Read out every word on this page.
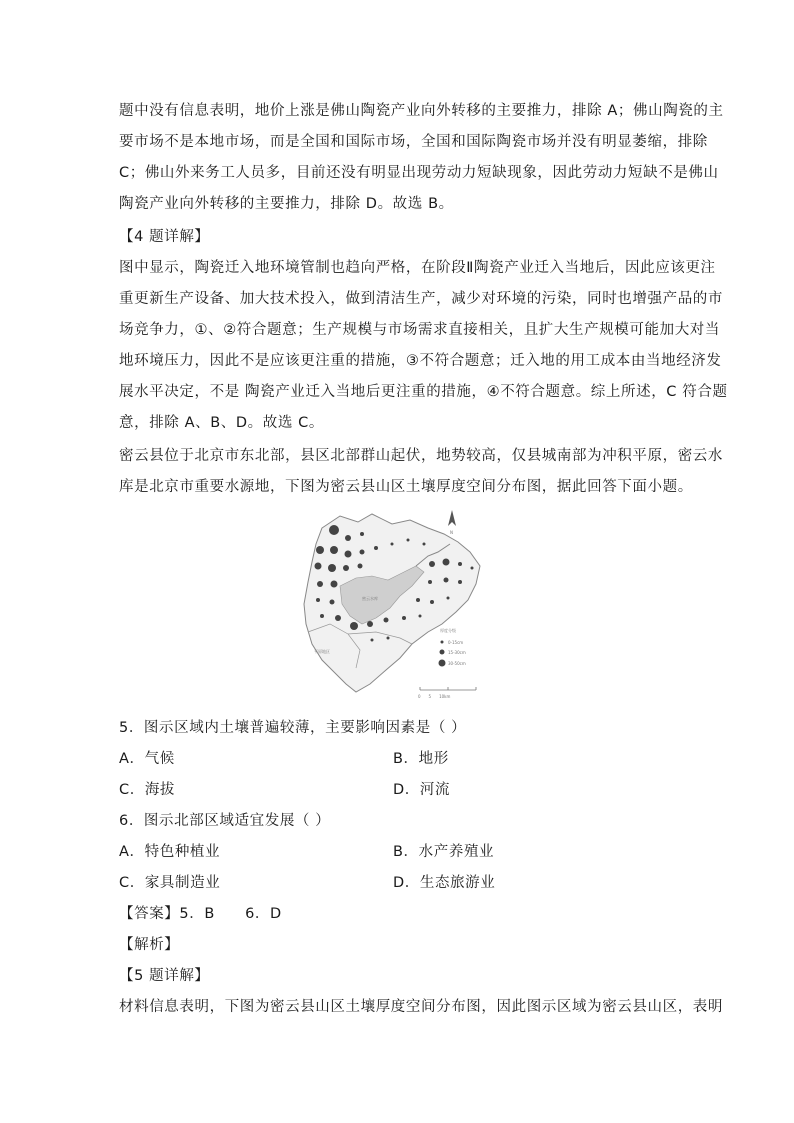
题中没有信息表明，地价上涨是佛山陶瓷产业向外转移的主要推力，排除 A；佛山陶瓷的主
要市场不是本地市场，而是全国和国际市场，全国和国际陶瓷市场并没有明显萎缩，排除
C；佛山外来务工人员多，目前还没有明显出现劳动力短缺现象，因此劳动力短缺不是佛山
陶瓷产业向外转移的主要推力，排除 D。故选 B。
【4 题详解】
图中显示，陶瓷迁入地环境管制也趋向严格，在阶段Ⅱ陶瓷产业迁入当地后，因此应该更注
重更新生产设备、加大技术投入，做到清洁生产，减少对环境的污染，同时也增强产品的市
场竞争力，①、②符合题意；生产规模与市场需求直接相关，且扩大生产规模可能加大对当
地环境压力，因此不是应该更注重的措施，③不符合题意；迁入地的用工成本由当地经济发
展水平决定，不是 陶瓷产业迁入当地后更注重的措施，④不符合题意。综上所述，C 符合题
意，排除 A、B、D。故选 C。
密云县位于北京市东北部，县区北部群山起伏，地势较高，仅县城南部为冲积平原，密云水
库是北京市重要水源地，下图为密云县山区土壤厚度空间分布图，据此回答下面小题。
密云水库
平原地区
厚度分级
0-15cm
15-30cm
30-50cm
0　　5　　10km
N
5．图示区域内土壤普遍较薄，主要影响因素是（ ）
A．气候	B．地形
C．海拔	D．河流
6．图示北部区域适宜发展（ ）
A．特色种植业	B．水产养殖业
C．家具制造业	D．生态旅游业
【答案】5．B　　6．D
【解析】
【5 题详解】
材料信息表明，下图为密云县山区土壤厚度空间分布图，因此图示区域为密云县山区，表明
